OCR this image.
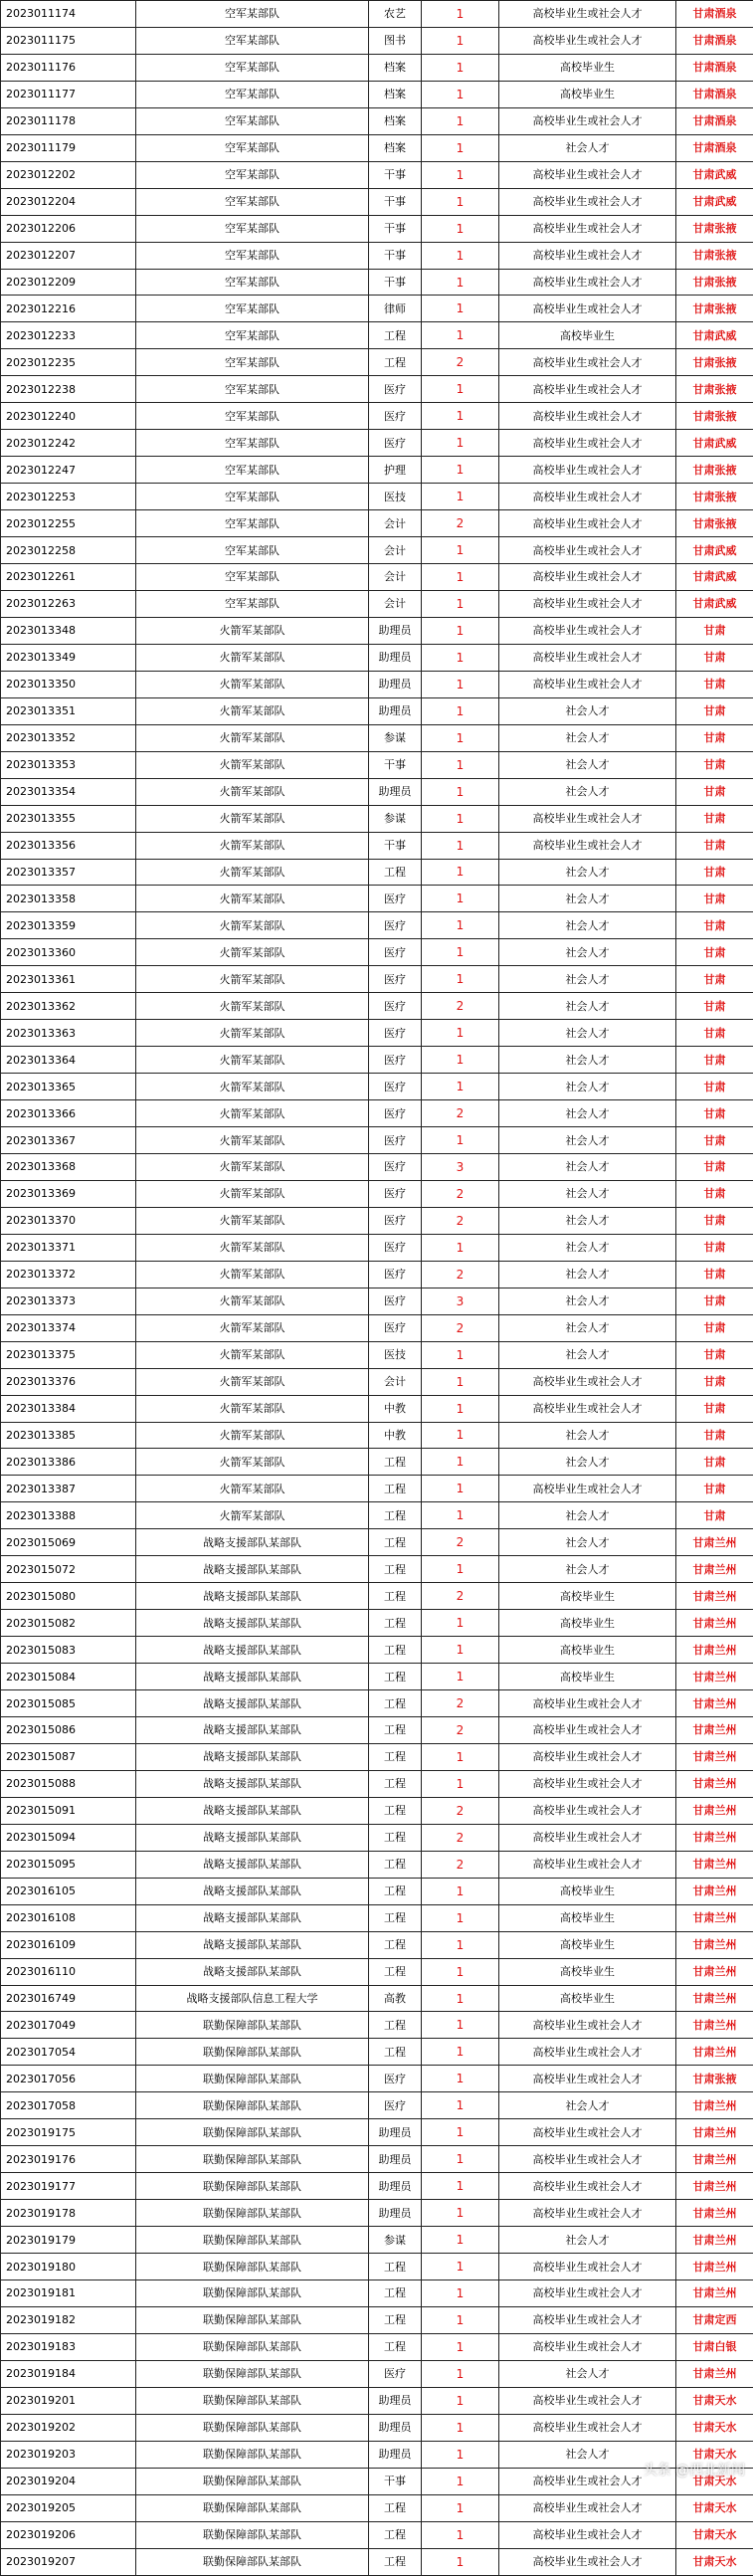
2023011174	空军某部队	农艺	1	高校毕业生或社会人才	甘肃酒泉
2023011175	空军某部队	图书	1	高校毕业生或社会人才	甘肃酒泉
2023011176	空军某部队	档案	1	高校毕业生	甘肃酒泉
2023011177	空军某部队	档案	1	高校毕业生	甘肃酒泉
2023011178	空军某部队	档案	1	高校毕业生或社会人才	甘肃酒泉
2023011179	空军某部队	档案	1	社会人才	甘肃酒泉
2023012202	空军某部队	干事	1	高校毕业生或社会人才	甘肃武威
2023012204	空军某部队	干事	1	高校毕业生或社会人才	甘肃武威
2023012206	空军某部队	干事	1	高校毕业生或社会人才	甘肃张掖
2023012207	空军某部队	干事	1	高校毕业生或社会人才	甘肃张掖
2023012209	空军某部队	干事	1	高校毕业生或社会人才	甘肃张掖
2023012216	空军某部队	律师	1	高校毕业生或社会人才	甘肃张掖
2023012233	空军某部队	工程	1	高校毕业生	甘肃武威
2023012235	空军某部队	工程	2	高校毕业生或社会人才	甘肃张掖
2023012238	空军某部队	医疗	1	高校毕业生或社会人才	甘肃张掖
2023012240	空军某部队	医疗	1	高校毕业生或社会人才	甘肃张掖
2023012242	空军某部队	医疗	1	高校毕业生或社会人才	甘肃武威
2023012247	空军某部队	护理	1	高校毕业生或社会人才	甘肃张掖
2023012253	空军某部队	医技	1	高校毕业生或社会人才	甘肃张掖
2023012255	空军某部队	会计	2	高校毕业生或社会人才	甘肃张掖
2023012258	空军某部队	会计	1	高校毕业生或社会人才	甘肃武威
2023012261	空军某部队	会计	1	高校毕业生或社会人才	甘肃武威
2023012263	空军某部队	会计	1	高校毕业生或社会人才	甘肃武威
2023013348	火箭军某部队	助理员	1	高校毕业生或社会人才	甘肃
2023013349	火箭军某部队	助理员	1	高校毕业生或社会人才	甘肃
2023013350	火箭军某部队	助理员	1	高校毕业生或社会人才	甘肃
2023013351	火箭军某部队	助理员	1	社会人才	甘肃
2023013352	火箭军某部队	参谋	1	社会人才	甘肃
2023013353	火箭军某部队	干事	1	社会人才	甘肃
2023013354	火箭军某部队	助理员	1	社会人才	甘肃
2023013355	火箭军某部队	参谋	1	高校毕业生或社会人才	甘肃
2023013356	火箭军某部队	干事	1	高校毕业生或社会人才	甘肃
2023013357	火箭军某部队	工程	1	社会人才	甘肃
2023013358	火箭军某部队	医疗	1	社会人才	甘肃
2023013359	火箭军某部队	医疗	1	社会人才	甘肃
2023013360	火箭军某部队	医疗	1	社会人才	甘肃
2023013361	火箭军某部队	医疗	1	社会人才	甘肃
2023013362	火箭军某部队	医疗	2	社会人才	甘肃
2023013363	火箭军某部队	医疗	1	社会人才	甘肃
2023013364	火箭军某部队	医疗	1	社会人才	甘肃
2023013365	火箭军某部队	医疗	1	社会人才	甘肃
2023013366	火箭军某部队	医疗	2	社会人才	甘肃
2023013367	火箭军某部队	医疗	1	社会人才	甘肃
2023013368	火箭军某部队	医疗	3	社会人才	甘肃
2023013369	火箭军某部队	医疗	2	社会人才	甘肃
2023013370	火箭军某部队	医疗	2	社会人才	甘肃
2023013371	火箭军某部队	医疗	1	社会人才	甘肃
2023013372	火箭军某部队	医疗	2	社会人才	甘肃
2023013373	火箭军某部队	医疗	3	社会人才	甘肃
2023013374	火箭军某部队	医疗	2	社会人才	甘肃
2023013375	火箭军某部队	医技	1	社会人才	甘肃
2023013376	火箭军某部队	会计	1	高校毕业生或社会人才	甘肃
2023013384	火箭军某部队	中教	1	高校毕业生或社会人才	甘肃
2023013385	火箭军某部队	中教	1	社会人才	甘肃
2023013386	火箭军某部队	工程	1	社会人才	甘肃
2023013387	火箭军某部队	工程	1	高校毕业生或社会人才	甘肃
2023013388	火箭军某部队	工程	1	社会人才	甘肃
2023015069	战略支援部队某部队	工程	2	社会人才	甘肃兰州
2023015072	战略支援部队某部队	工程	1	社会人才	甘肃兰州
2023015080	战略支援部队某部队	工程	2	高校毕业生	甘肃兰州
2023015082	战略支援部队某部队	工程	1	高校毕业生	甘肃兰州
2023015083	战略支援部队某部队	工程	1	高校毕业生	甘肃兰州
2023015084	战略支援部队某部队	工程	1	高校毕业生	甘肃兰州
2023015085	战略支援部队某部队	工程	2	高校毕业生或社会人才	甘肃兰州
2023015086	战略支援部队某部队	工程	2	高校毕业生或社会人才	甘肃兰州
2023015087	战略支援部队某部队	工程	1	高校毕业生或社会人才	甘肃兰州
2023015088	战略支援部队某部队	工程	1	高校毕业生或社会人才	甘肃兰州
2023015091	战略支援部队某部队	工程	2	高校毕业生或社会人才	甘肃兰州
2023015094	战略支援部队某部队	工程	2	高校毕业生或社会人才	甘肃兰州
2023015095	战略支援部队某部队	工程	2	高校毕业生或社会人才	甘肃兰州
2023016105	战略支援部队某部队	工程	1	高校毕业生	甘肃兰州
2023016108	战略支援部队某部队	工程	1	高校毕业生	甘肃兰州
2023016109	战略支援部队某部队	工程	1	高校毕业生	甘肃兰州
2023016110	战略支援部队某部队	工程	1	高校毕业生	甘肃兰州
2023016749	战略支援部队信息工程大学	高教	1	高校毕业生	甘肃兰州
2023017049	联勤保障部队某部队	工程	1	高校毕业生或社会人才	甘肃兰州
2023017054	联勤保障部队某部队	工程	1	高校毕业生或社会人才	甘肃兰州
2023017056	联勤保障部队某部队	医疗	1	高校毕业生或社会人才	甘肃张掖
2023017058	联勤保障部队某部队	医疗	1	社会人才	甘肃兰州
2023019175	联勤保障部队某部队	助理员	1	高校毕业生或社会人才	甘肃兰州
2023019176	联勤保障部队某部队	助理员	1	高校毕业生或社会人才	甘肃兰州
2023019177	联勤保障部队某部队	助理员	1	高校毕业生或社会人才	甘肃兰州
2023019178	联勤保障部队某部队	助理员	1	高校毕业生或社会人才	甘肃兰州
2023019179	联勤保障部队某部队	参谋	1	社会人才	甘肃兰州
2023019180	联勤保障部队某部队	工程	1	高校毕业生或社会人才	甘肃兰州
2023019181	联勤保障部队某部队	工程	1	高校毕业生或社会人才	甘肃兰州
2023019182	联勤保障部队某部队	工程	1	高校毕业生或社会人才	甘肃定西
2023019183	联勤保障部队某部队	工程	1	高校毕业生或社会人才	甘肃白银
2023019184	联勤保障部队某部队	医疗	1	社会人才	甘肃兰州
2023019201	联勤保障部队某部队	助理员	1	高校毕业生或社会人才	甘肃天水
2023019202	联勤保障部队某部队	助理员	1	高校毕业生或社会人才	甘肃天水
2023019203	联勤保障部队某部队	助理员	1	社会人才	甘肃天水
2023019204	联勤保障部队某部队	干事	1	高校毕业生或社会人才	甘肃天水
2023019205	联勤保障部队某部队	工程	1	高校毕业生或社会人才	甘肃天水
2023019206	联勤保障部队某部队	工程	1	高校毕业生或社会人才	甘肃天水
2023019207	联勤保障部队某部队	工程	1	高校毕业生或社会人才	甘肃天水
头条 @西北新闻
